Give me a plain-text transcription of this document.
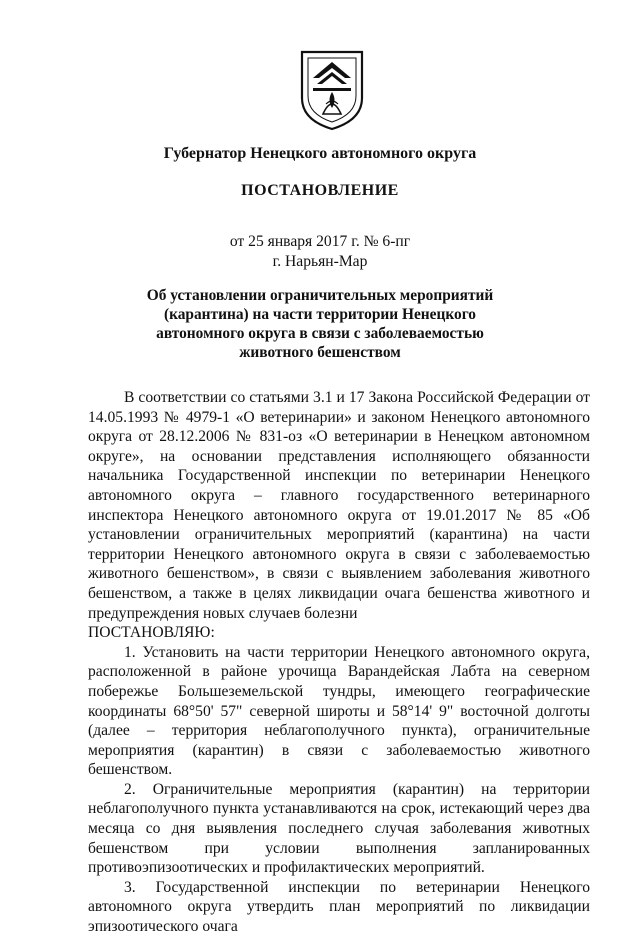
Губернатор Ненецкого автономного округа
ПОСТАНОВЛЕНИЕ
от 25 января 2017 г. № 6-пг
г. Нарьян-Мар
Об установлении ограничительных мероприятий
(карантина) на части территории Ненецкого
автономного округа в связи с заболеваемостью
животного бешенством

В соответствии со статьями 3.1 и 17 Закона Российской Федерации от 14.05.1993 № 4979-1 «О ветеринарии» и законом Ненецкого автономного округа от 28.12.2006 № 831-оз «О ветеринарии в Ненецком автономном округе», на основании представления исполняющего обязанности начальника Государственной инспекции по ветеринарии Ненецкого автономного округа – главного государственного ветеринарного инспектора Ненецкого автономного округа от 19.01.2017 № 85 «Об установлении ограничительных мероприятий (карантина) на части территории Ненецкого автономного округа в связи с заболеваемостью животного бешенством», в связи с выявлением заболевания животного бешенством, а также в целях ликвидации очага бешенства животного и предупреждения новых случаев болезни

ПОСТАНОВЛЯЮ:

1. Установить на части территории Ненецкого автономного округа, расположенной в районе урочища Варандейская Лабта на северном побережье Большеземельской тундры, имеющего географические координаты 68°50' 57" северной широты и 58°14' 9" восточной долготы (далее – территория неблагополучного пункта), ограничительные мероприятия (карантин) в связи с заболеваемостью животного бешенством.

2. Ограничительные мероприятия (карантин) на территории неблагополучного пункта устанавливаются на срок, истекающий через два месяца со дня выявления последнего случая заболевания животных бешенством при условии выполнения запланированных противоэпизоотических и профилактических мероприятий.

3. Государственной инспекции по ветеринарии Ненецкого автономного округа утвердить план мероприятий по ликвидации эпизоотического очага
